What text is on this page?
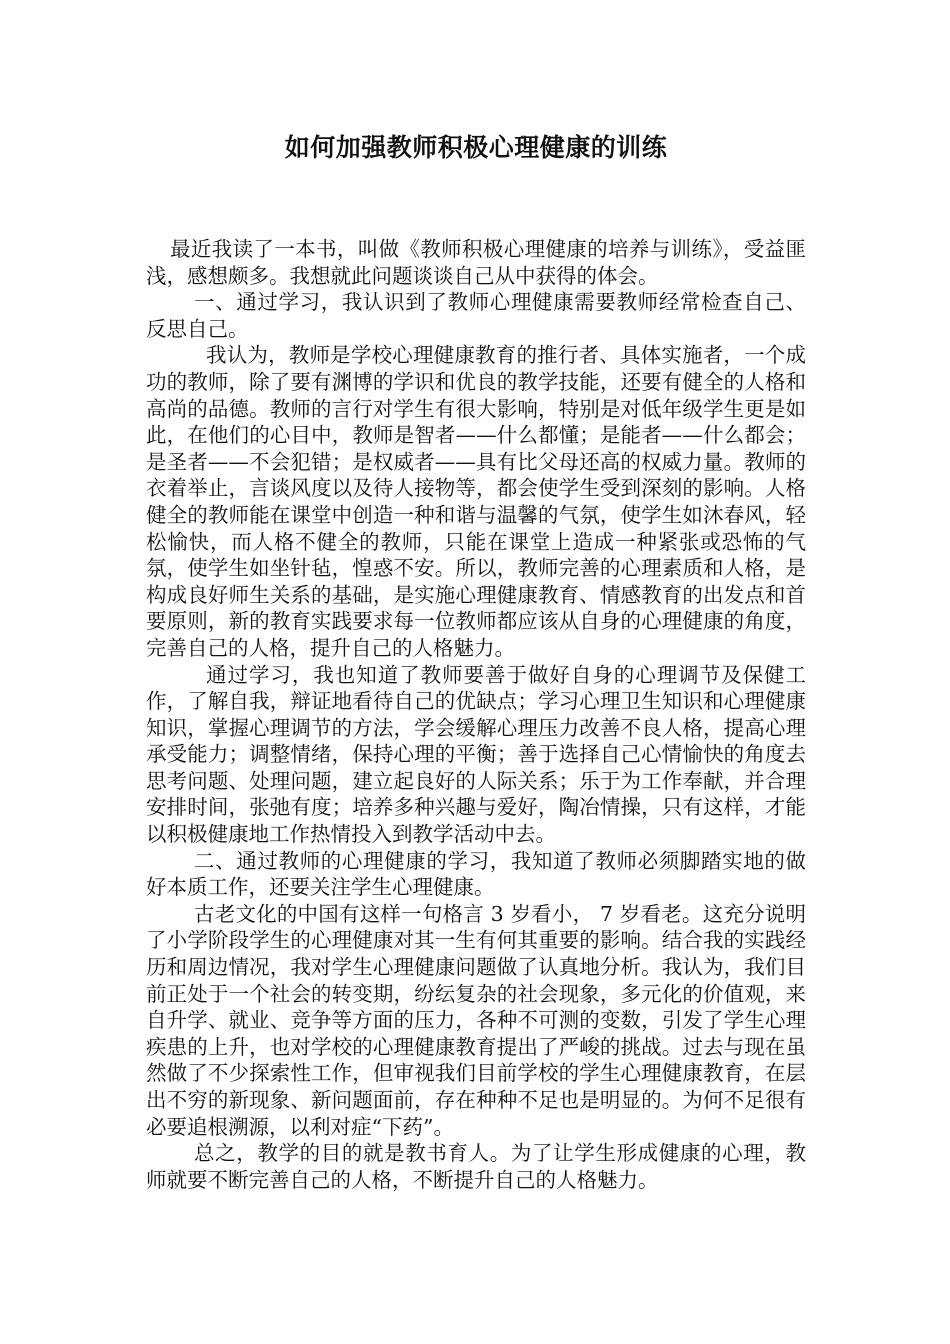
如何加强教师积极心理健康的训练

最近我读了一本书，叫做《教师积极心理健康的培养与训练》，受益匪浅，感想颇多。我想就此问题谈谈自己从中获得的体会。

一、通过学习，我认识到了教师心理健康需要教师经常检查自己、反思自己。

我认为，教师是学校心理健康教育的推行者、具体实施者，一个成功的教师，除了要有渊博的学识和优良的教学技能，还要有健全的人格和高尚的品德。教师的言行对学生有很大影响，特别是对低年级学生更是如此，在他们的心目中，教师是智者——什么都懂；是能者——什么都会；是圣者——不会犯错；是权威者——具有比父母还高的权威力量。教师的衣着举止，言谈风度以及待人接物等，都会使学生受到深刻的影响。人格健全的教师能在课堂中创造一种和谐与温馨的气氛，使学生如沐春风，轻松愉快，而人格不健全的教师，只能在课堂上造成一种紧张或恐怖的气氛，使学生如坐针毡，惶惑不安。所以，教师完善的心理素质和人格，是构成良好师生关系的基础，是实施心理健康教育、情感教育的出发点和首要原则，新的教育实践要求每一位教师都应该从自身的心理健康的角度，完善自己的人格，提升自己的人格魅力。

通过学习，我也知道了教师要善于做好自身的心理调节及保健工作，了解自我，辩证地看待自己的优缺点；学习心理卫生知识和心理健康知识，掌握心理调节的方法，学会缓解心理压力改善不良人格，提高心理承受能力；调整情绪，保持心理的平衡；善于选择自己心情愉快的角度去思考问题、处理问题，建立起良好的人际关系；乐于为工作奉献，并合理安排时间，张弛有度；培养多种兴趣与爱好，陶冶情操，只有这样，才能以积极健康地工作热情投入到教学活动中去。

二、通过教师的心理健康的学习，我知道了教师必须脚踏实地的做好本质工作，还要关注学生心理健康。

古老文化的中国有这样一句格言 3 岁看小， 7 岁看老。这充分说明了小学阶段学生的心理健康对其一生有何其重要的影响。结合我的实践经历和周边情况，我对学生心理健康问题做了认真地分析。我认为，我们目前正处于一个社会的转变期，纷纭复杂的社会现象，多元化的价值观，来自升学、就业、竞争等方面的压力，各种不可测的变数，引发了学生心理疾患的上升，也对学校的心理健康教育提出了严峻的挑战。过去与现在虽然做了不少探索性工作，但审视我们目前学校的学生心理健康教育，在层出不穷的新现象、新问题面前，存在种种不足也是明显的。为何不足很有必要追根溯源，以利对症“下药”。

总之，教学的目的就是教书育人。为了让学生形成健康的心理，教师就要不断完善自己的人格，不断提升自己的人格魅力。
